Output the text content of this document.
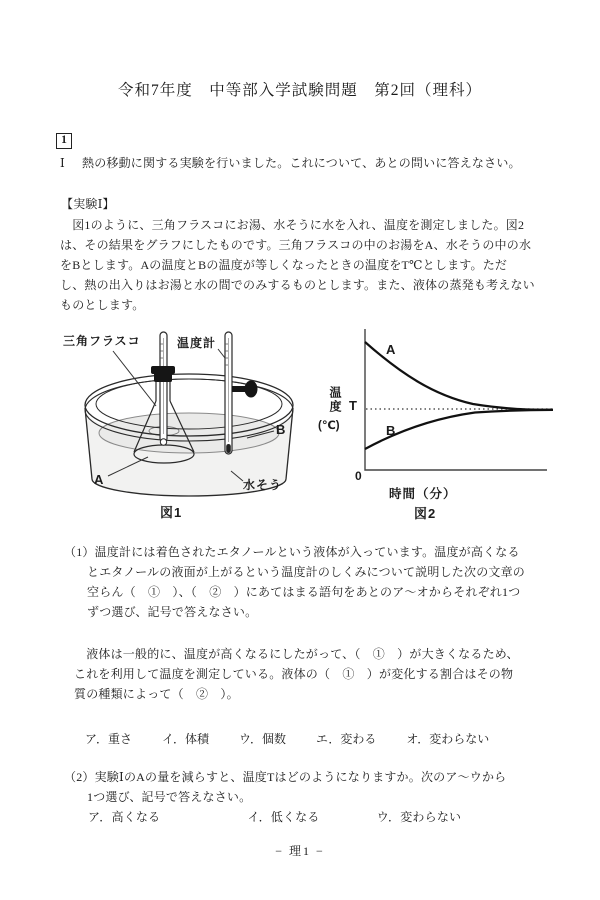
令和7年度　中等部入学試験問題　第2回（理科）
1
Ⅰ 熱の移動に関する実験を行いました。これについて、あとの問いに答えなさい。
【実験Ⅰ】
　図1のように、三角フラスコにお湯、水そうに水を入れ、温度を測定しました。図2
は、その結果をグラフにしたものです。三角フラスコの中のお湯をA、水そうの中の水
をBとします。Aの温度とBの温度が等しくなったときの温度をT℃とします。ただ
し、熱の出入りはお湯と水の間でのみするものとします。また、液体の蒸発も考えない
ものとします。
三角フラスコ	温度計
A
B
水そう
図1
A
B
T
温度
(℃)
0
時間（分）
図2
（1）温度計には着色されたエタノールという液体が入っています。温度が高くなる
とエタノールの液面が上がるという温度計のしくみについて説明した次の文章の
空らん（　①　）、（　②　）にあてはまる語句をあとのア～オからそれぞれ1つ
ずつ選び、記号で答えなさい。
　液体は一般的に、温度が高くなるにしたがって、（　①　）が大きくなるため、
これを利用して温度を測定している。液体の（　①　）が変化する割合はその物
質の種類によって（　②　）。
ア．重さ	イ．体積	ウ．個数	エ．変わる	オ．変わらない
（2）実験ⅠのAの量を減らすと、温度Tはどのようになりますか。次のア～ウから
1つ選び、記号で答えなさい。
ア．高くなる	イ．低くなる	ウ．変わらない
− 理1 −
